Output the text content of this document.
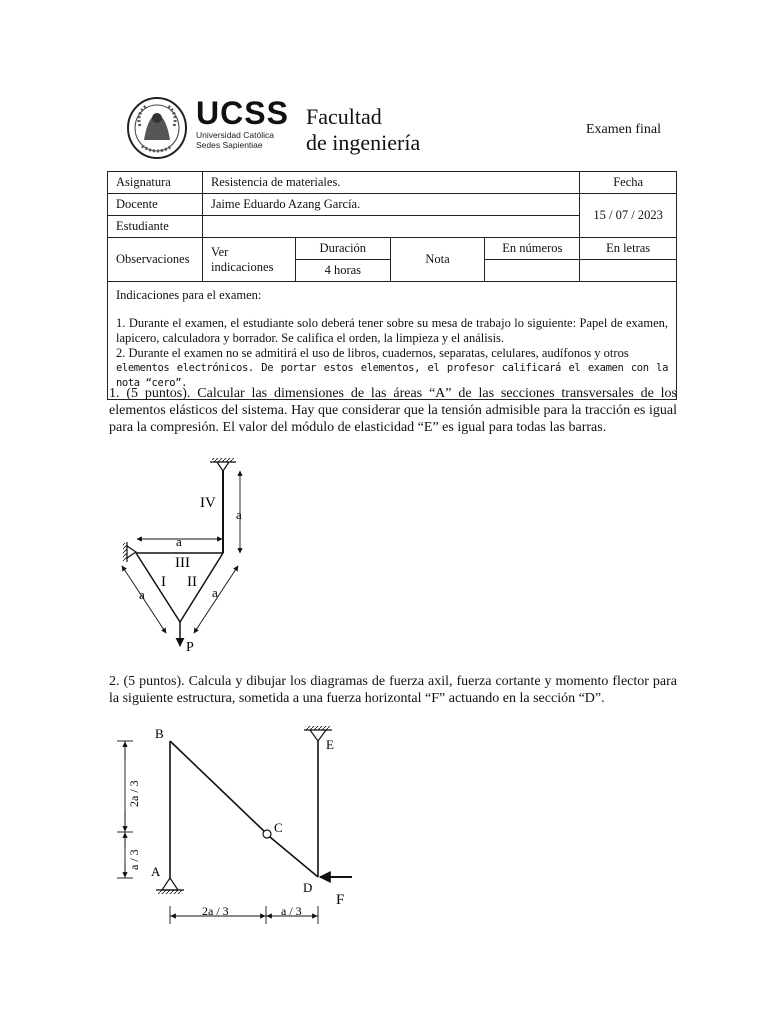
UCSS
Universidad Católica
Sedes Sapientiae
Facultad
de ingeniería
Examen final
Asignatura	Resistencia de materiales.				Fecha
Docente	Jaime Eduardo Azang García.				15 / 07 / 2023
Estudiante					
Observaciones	Ver indicaciones	Duración	Nota	En números	En letras
		4 horas			

Indicaciones para el examen:

1. Durante el examen, el estudiante solo deberá tener sobre su mesa de trabajo lo siguiente: Papel de examen, lapicero, calculadora y borrador. Se califica el orden, la limpieza y el análisis.

2. Durante el examen no se admitirá el uso de libros, cuadernos, separatas, celulares, audífonos y otros

elementos electrónicos. De portar estos elementos, el profesor calificará el examen con la nota “cero”.					

1. (5 puntos). Calcular las dimensiones de las áreas “A” de las secciones transversales de los elementos elásticos del sistema. Hay que considerar que la tensión admisible para la tracción es igual para la compresión. El valor del módulo de elasticidad “E” es igual para todas las barras.
IV
III
I II
a
a
a	a
P
2. (5 puntos). Calcula y dibujar los diagramas de fuerza axil, fuerza cortante y momento flector para la siguiente estructura, sometida a una fuerza horizontal “F” actuando en la sección “D”.
B
E
C
A
D
F
2a / 3
a / 3
2a / 3	a / 3
